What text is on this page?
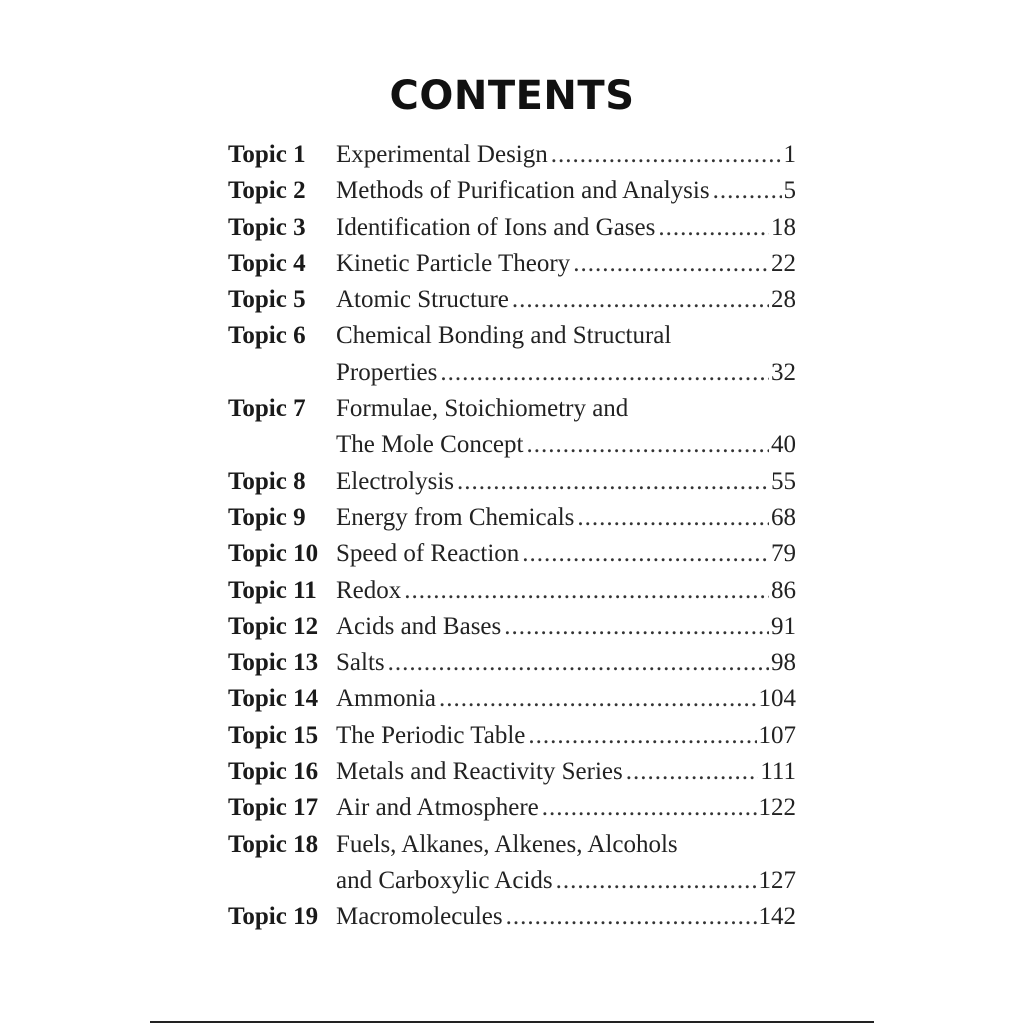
CONTENTS
Topic 1	Experimental Design .....	1
Topic 2	Methods of Purification and Analysis .....	5
Topic 3	Identification of Ions and Gases .....	18
Topic 4	Kinetic Particle Theory .....	22
Topic 5	Atomic Structure .....	28
Topic 6	Chemical Bonding and Structural
Properties .....	32
Topic 7	Formulae, Stoichiometry and
The Mole Concept .....	40
Topic 8	Electrolysis .....	55
Topic 9	Energy from Chemicals .....	68
Topic 10 Speed of Reaction .....	79
Topic 11 Redox .....	86
Topic 12 Acids and Bases .....	91
Topic 13 Salts .....	98
Topic 14 Ammonia .....	104
Topic 15 The Periodic Table .....	107
Topic 16 Metals and Reactivity Series .....	111
Topic 17 Air and Atmosphere .....	122
Topic 18 Fuels, Alkanes, Alkenes, Alcohols
and Carboxylic Acids .....	127
Topic 19 Macromolecules .....	142
